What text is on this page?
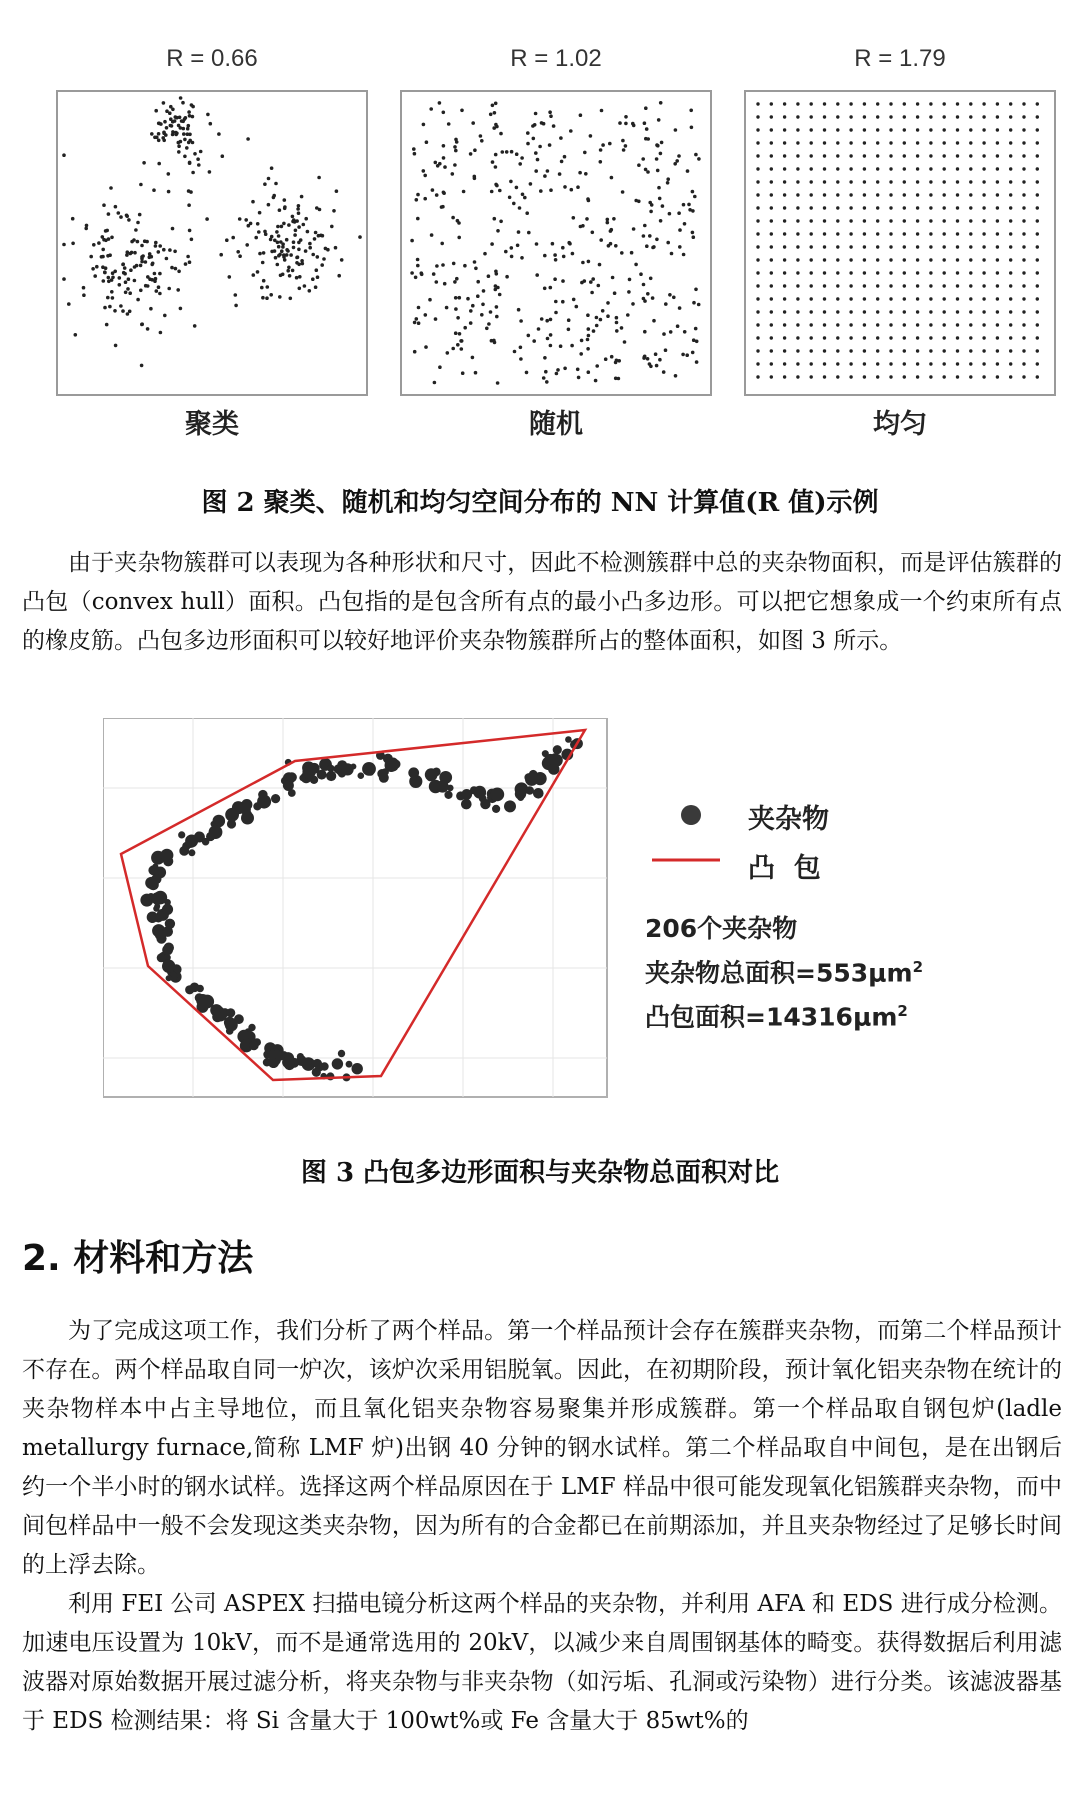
R = 0.66	R = 1.02	R = 1.79
聚类	随机	均匀
图 2 聚类、随机和均匀空间分布的 NN 计算值(R 值)示例

由于夹杂物簇群可以表现为各种形状和尺寸，因此不检测簇群中总的夹杂物面积，而是评估簇群的凸包（convex hull）面积。凸包指的是包含所有点的最小凸多边形。可以把它想象成一个约束所有点的橡皮筋。凸包多边形面积可以较好地评价夹杂物簇群所占的整体面积，如图 3 所示。

夹杂物
凸  包
206个夹杂物
夹杂物总面积$=553\mu m^2$
凸包面积$=14316\mu m^2$
图 3 凸包多边形面积与夹杂物总面积对比
2. 材料和方法

为了完成这项工作，我们分析了两个样品。第一个样品预计会存在簇群夹杂物，而第二个样品预计不存在。两个样品取自同一炉次，该炉次采用铝脱氧。因此，在初期阶段，预计氧化铝夹杂物在统计的夹杂物样本中占主导地位，而且氧化铝夹杂物容易聚集并形成簇群。第一个样品取自钢包炉(ladle metallurgy furnace,简称 LMF 炉)出钢 40 分钟的钢水试样。第二个样品取自中间包，是在出钢后约一个半小时的钢水试样。选择这两个样品原因在于 LMF 样品中很可能发现氧化铝簇群夹杂物，而中间包样品中一般不会发现这类夹杂物，因为所有的合金都已在前期添加，并且夹杂物经过了足够长时间的上浮去除。

利用 FEI 公司 ASPEX 扫描电镜分析这两个样品的夹杂物，并利用 AFA 和 EDS 进行成分检测。加速电压设置为 10kV，而不是通常选用的 20kV，以减少来自周围钢基体的畸变。获得数据后利用滤波器对原始数据开展过滤分析，将夹杂物与非夹杂物（如污垢、孔洞或污染物）进行分类。该滤波器基于 EDS 检测结果：将 Si 含量大于 100wt%或 Fe 含量大于 85wt%的
